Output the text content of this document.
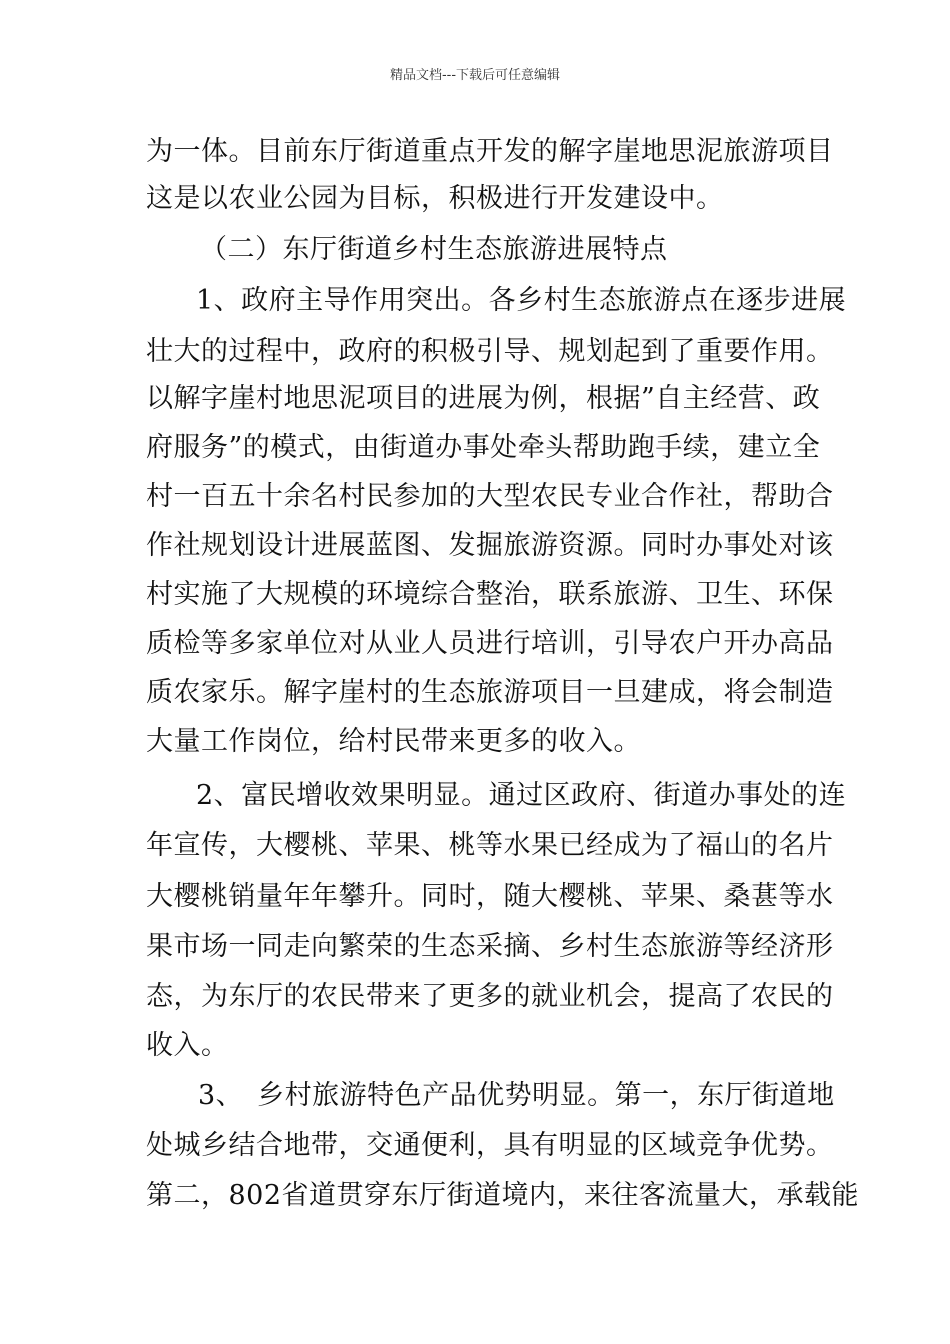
精品文档---下载后可任意编辑
为一体。目前东厅街道重点开发的解字崖地思泥旅游项目
这是以农业公园为目标，积极进行开发建设中。
（二）东厅街道乡村生态旅游进展特点
1、政府主导作用突出。各乡村生态旅游点在逐步进展
壮大的过程中，政府的积极引导、规划起到了重要作用。
以解字崖村地思泥项目的进展为例，根据”自主经营、政
府服务”的模式，由街道办事处牵头帮助跑手续，建立全
村一百五十余名村民参加的大型农民专业合作社，帮助合
作社规划设计进展蓝图、发掘旅游资源。同时办事处对该
村实施了大规模的环境综合整治，联系旅游、卫生、环保
质检等多家单位对从业人员进行培训，引导农户开办高品
质农家乐。解字崖村的生态旅游项目一旦建成，将会制造
大量工作岗位，给村民带来更多的收入。
2、富民增收效果明显。通过区政府、街道办事处的连
年宣传，大樱桃、苹果、桃等水果已经成为了福山的名片
大樱桃销量年年攀升。同时，随大樱桃、苹果、桑葚等水
果市场一同走向繁荣的生态采摘、乡村生态旅游等经济形
态，为东厅的农民带来了更多的就业机会，提高了农民的
收入。
3、　乡村旅游特色产品优势明显。第一，东厅街道地
处城乡结合地带，交通便利，具有明显的区域竞争优势。
第二，802省道贯穿东厅街道境内，来往客流量大，承载能
